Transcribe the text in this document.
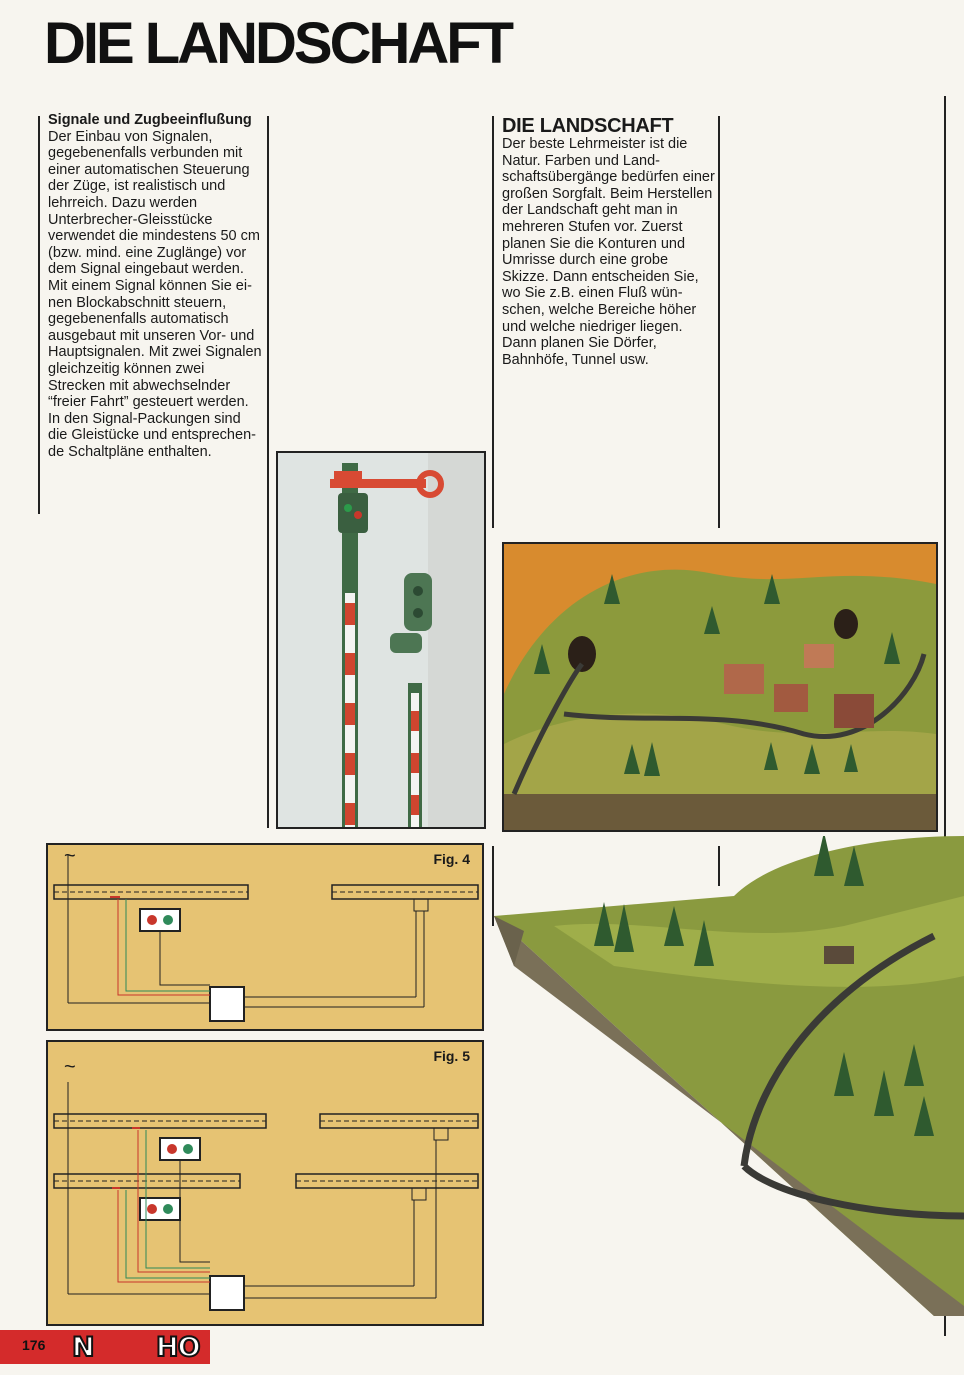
DIE LANDSCHAFT
Signale und Zugbeeinflußung

Der Einbau von Signalen, gegebenenfalls verbunden mit einer automatischen Steuerung der Züge, ist realistisch und lehrreich. Dazu werden Unterbrecher-Gleisstücke verwendet die mindestens 50 cm (bzw. mind. eine Zuglänge) vor dem Signal eingebaut werden. Mit einem Signal können Sie einen Blockabschnitt steuern, gegebenenfalls automatisch ausgebaut mit unseren Vor- und Hauptsignalen. Mit zwei Signalen gleichzeitig können zwei Strecken mit abwechselnder “freier Fahrt” gesteuert werden. In den Signal-Packungen sind die Gleistücke und entsprechende Schaltpläne enthalten.

DIE LANDSCHAFT

Der beste Lehrmeister ist die Natur. Farben und Landschaftsübergänge bedürfen einer großen Sorgfalt. Beim Herstellen der Landschaft geht man in mehreren Stufen vor. Zuerst planen Sie die Konturen und Umrisse durch eine grobe Skizze. Dann entscheiden Sie, wo Sie z.B. einen Fluß wünschen, welche Bereiche höher und welche niedriger liegen. Dann planen Sie Dörfer, Bahnhöfe, Tunnel usw.

~	Fig. 4
~	Fig. 5
176 N HO
